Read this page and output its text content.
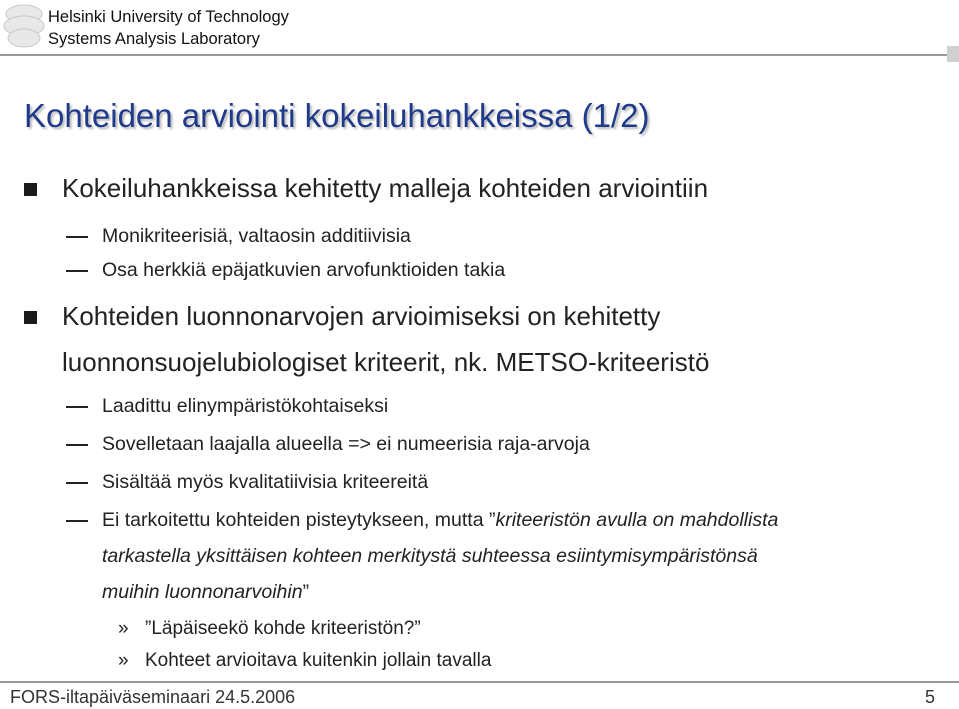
Helsinki University of Technology
Systems Analysis Laboratory
Kohteiden arviointi kokeiluhankkeissa (1/2)
Kokeiluhankkeissa kehitetty malleja kohteiden arviointiin
Monikriteerisiä, valtaosin additiivisia
Osa herkkiä epäjatkuvien arvofunktioiden takia
Kohteiden luonnonarvojen arvioimiseksi on kehitetty
luonnonsuojelubiologiset kriteerit, nk. METSO-kriteeristö
Laadittu elinympäristökohtaiseksi
Sovelletaan laajalla alueella => ei numeerisia raja-arvoja
Sisältää myös kvalitatiivisia kriteereitä
Ei tarkoitettu kohteiden pisteytykseen, mutta ”kriteeristön avulla on mahdollista
tarkastella yksittäisen kohteen merkitystä suhteessa esiintymisympäristönsä
muihin luonnonarvoihin”
» ”Läpäiseekö kohde kriteeristön?”
» Kohteet arvioitava kuitenkin jollain tavalla
FORS-iltapäiväseminaari 24.5.2006	5
